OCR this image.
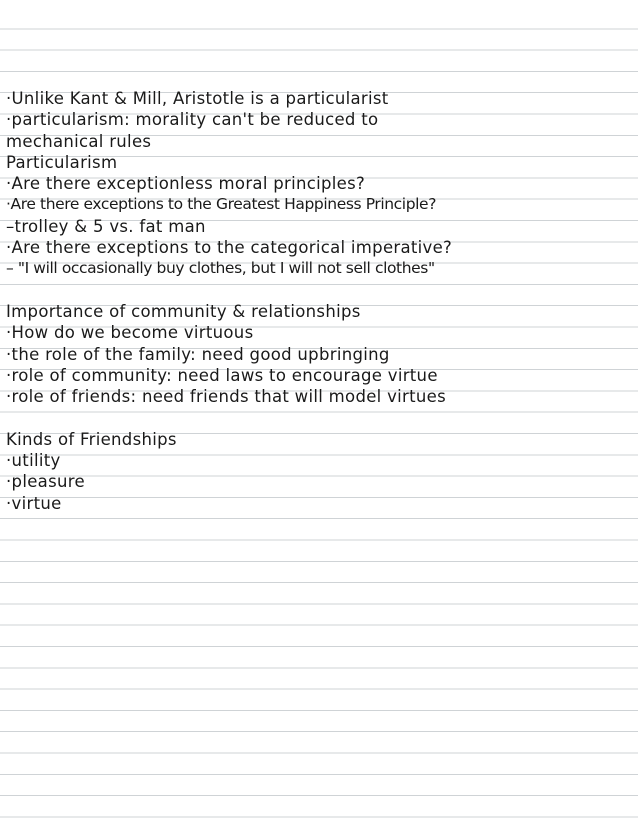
·Unlike Kant & Mill, Aristotle is a particularist
·particularism: morality can't be reduced to
mechanical rules
Particularism
·Are there exceptionless moral principles?
·Are there exceptions to the Greatest Happiness Principle?
–trolley & 5 vs. fat man
·Are there exceptions to the categorical imperative?
– "I will occasionally buy clothes, but I will not sell clothes"
Importance of community & relationships
·How do we become virtuous
·the role of the family: need good upbringing
·role of community: need laws to encourage virtue
·role of friends: need friends that will model virtues
Kinds of Friendships
·utility
·pleasure
·virtue
